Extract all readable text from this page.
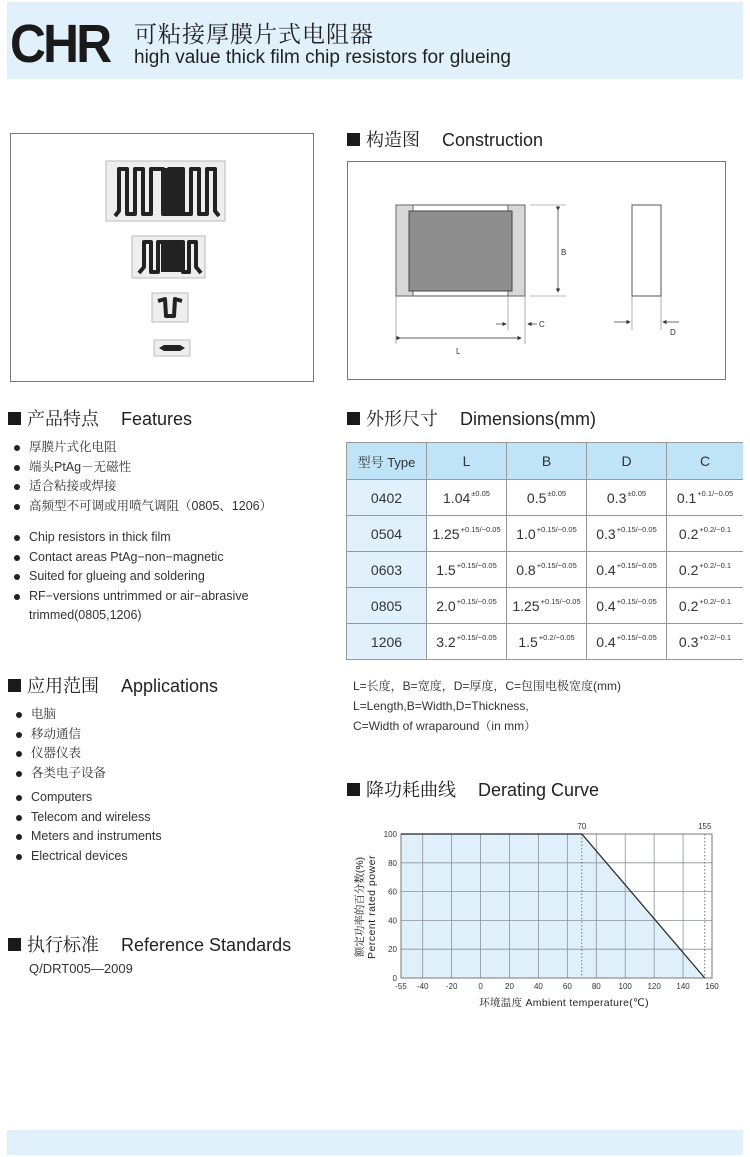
CHR 可粘接厚膜片式电阻器
high value thick film chip resistors for glueing
构造图 Construction
B
L
C
D
产品特点 Features
厚膜片式化电阻
端头PtAg－无磁性
适合粘接或焊接
高频型不可调或用喷气调阻（0805、1206）
Chip resistors in thick film
Contact areas PtAg−non−magnetic
Suited for glueing and soldering
RF−versions untrimmed or air−abrasive
trimmed(0805,1206)
外形尺寸 Dimensions(mm)
型号 Type	L	B	D	C
0402	$1.04^{\pm 0.05}$	$0.5^{\pm 0.05}$	$0.3^{\pm 0.05}$	$0.1^{+0.1/-0.05}$
0504	$1.25^{+0.15/-0.05}$	$1.0^{+0.15/-0.05}$	$0.3^{+0.15/-0.05}$	$0.2^{+0.2/-0.1}$
0603	$1.5^{+0.15/-0.05}$	$0.8^{+0.15/-0.05}$	$0.4^{+0.15/-0.05}$	$0.2^{+0.2/-0.1}$
0805	$2.0^{+0.15/-0.05}$	$1.25^{+0.15/-0.05}$	$0.4^{+0.15/-0.05}$	$0.2^{+0.2/-0.1}$
1206	$3.2^{+0.15/-0.05}$	$1.5^{+0.2/-0.05}$	$0.4^{+0.15/-0.05}$	$0.3^{+0.2/-0.1}$
L=长度，B=宽度，D=厚度，C=包围电极宽度(mm)
L=Length,B=Width,D=Thickness,
C=Width of wraparound（in mm）
应用范围 Applications
电脑
移动通信
仪器仪表
各类电子设备
Computers
Telecom and wireless
Meters and instruments
Electrical devices
执行标准 Reference Standards
Q/DRT005—2009
降功耗曲线 Derating Curve
-55 -40 -20	0	20	40	60	80 100 120 140 160
0
20
40
60
80
100
70	155
额定功率的百分数(%) Percent rated power
环境温度 Ambient temperature(℃)
